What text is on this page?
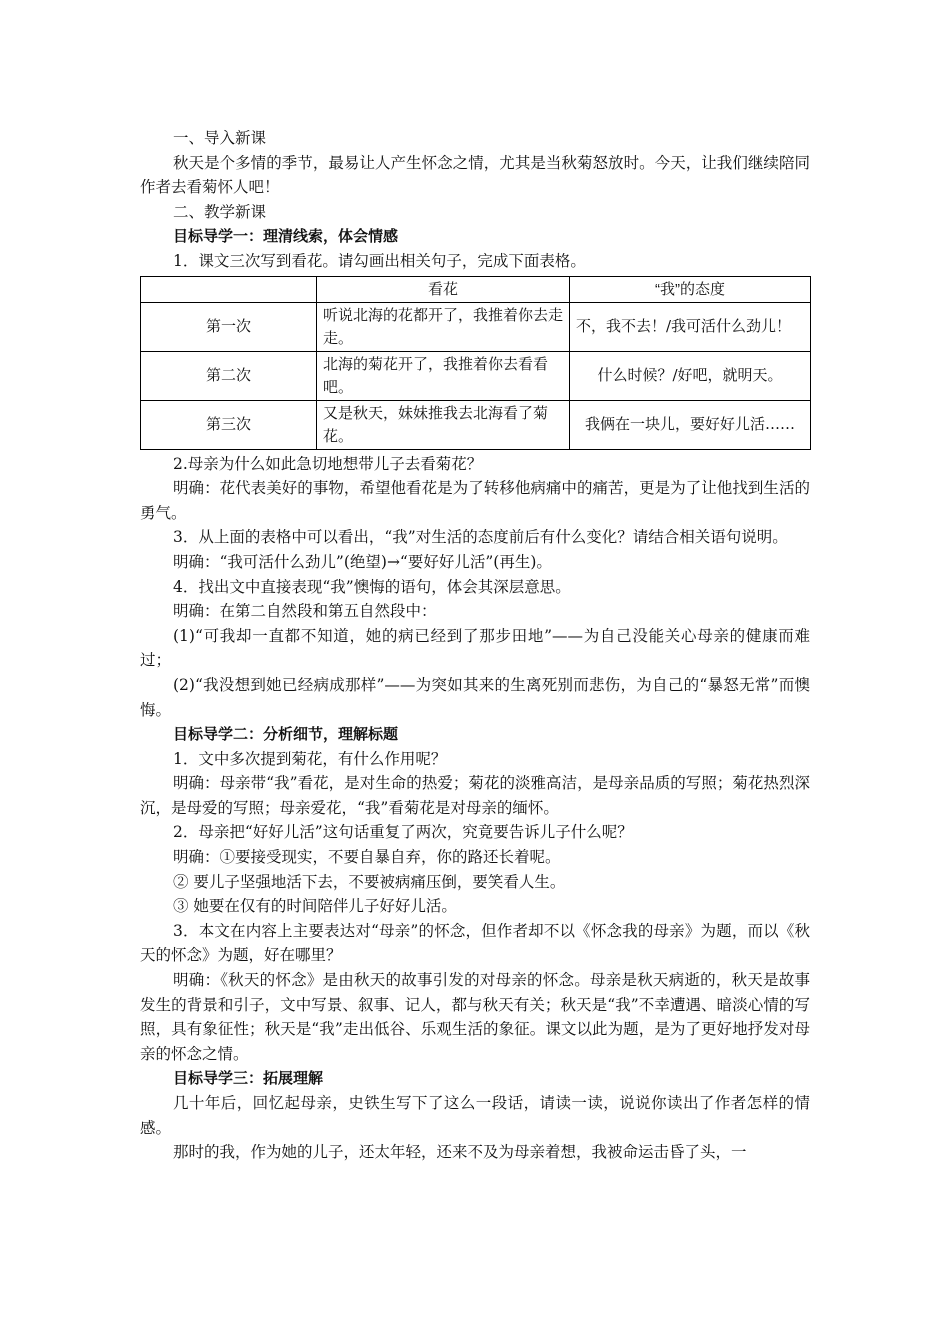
一、导入新课

秋天是个多情的季节，最易让人产生怀念之情，尤其是当秋菊怒放时。今天，让我们继续陪同作者去看菊怀人吧！

二、教学新课

目标导学一：理清线索，体会情感

1．课文三次写到看花。请勾画出相关句子，完成下面表格。

	看花	“我”的态度
第一次	听说北海的花都开了，我推着你去走走。	不，我不去！/我可活什么劲儿！
第二次	北海的菊花开了，我推着你去看看吧。	什么时候？/好吧，就明天。
第三次	又是秋天，妹妹推我去北海看了菊花。	我俩在一块儿，要好好儿活……

2.母亲为什么如此急切地想带儿子去看菊花？

明确：花代表美好的事物，希望他看花是为了转移他病痛中的痛苦，更是为了让他找到生活的勇气。

3．从上面的表格中可以看出，“我”对生活的态度前后有什么变化？请结合相关语句说明。

明确：“我可活什么劲儿”(绝望)→“要好好儿活”(再生)。

4．找出文中直接表现“我”懊悔的语句，体会其深层意思。

明确：在第二自然段和第五自然段中：

(1)“可我却一直都不知道，她的病已经到了那步田地”——为自己没能关心母亲的健康而难过；

(2)“我没想到她已经病成那样”——为突如其来的生离死别而悲伤，为自己的“暴怒无常”而懊悔。

目标导学二：分析细节，理解标题

1．文中多次提到菊花，有什么作用呢？

明确：母亲带“我”看花，是对生命的热爱；菊花的淡雅高洁，是母亲品质的写照；菊花热烈深沉，是母爱的写照；母亲爱花，“我”看菊花是对母亲的缅怀。

2．母亲把“好好儿活”这句话重复了两次，究竟要告诉儿子什么呢？

明确：①要接受现实，不要自暴自弃，你的路还长着呢。

② 要儿子坚强地活下去，不要被病痛压倒，要笑看人生。

③ 她要在仅有的时间陪伴儿子好好儿活。

3．本文在内容上主要表达对“母亲”的怀念，但作者却不以《怀念我的母亲》为题，而以《秋天的怀念》为题，好在哪里？

明确：《秋天的怀念》是由秋天的故事引发的对母亲的怀念。母亲是秋天病逝的，秋天是故事发生的背景和引子，文中写景、叙事、记人，都与秋天有关；秋天是“我”不幸遭遇、暗淡心情的写照，具有象征性；秋天是“我”走出低谷、乐观生活的象征。课文以此为题，是为了更好地抒发对母亲的怀念之情。

目标导学三：拓展理解

几十年后，回忆起母亲，史铁生写下了这么一段话，请读一读，说说你读出了作者怎样的情感。

那时的我，作为她的儿子，还太年轻，还来不及为母亲着想，我被命运击昏了头，一
